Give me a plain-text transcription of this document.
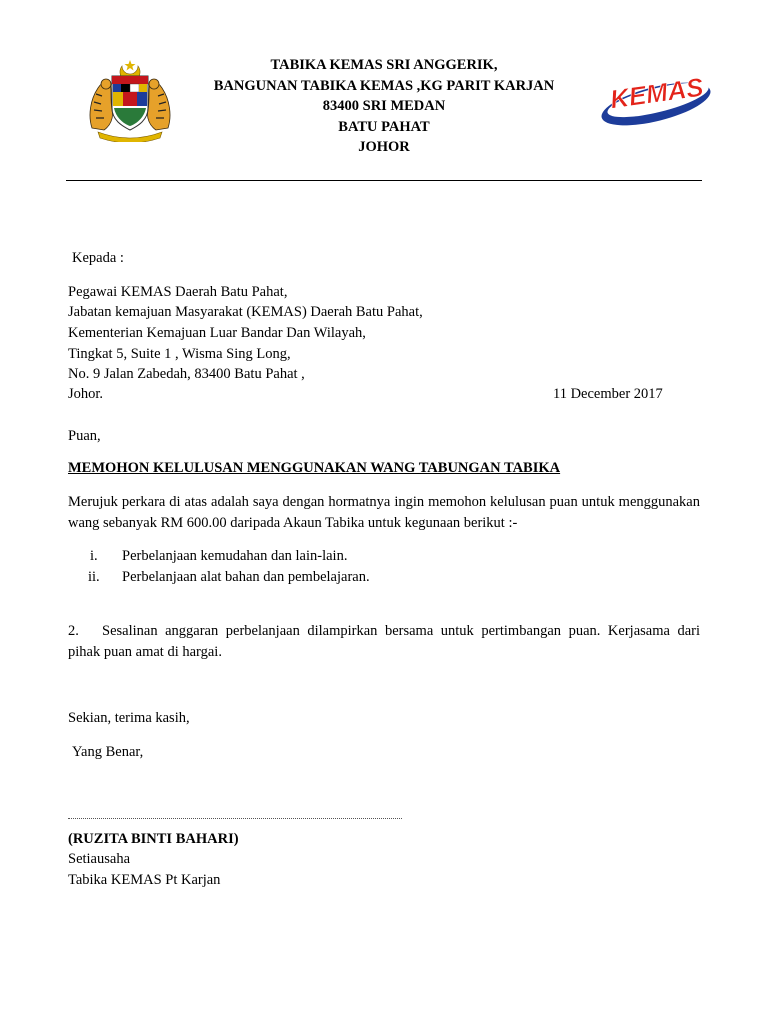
TABIKA KEMAS SRI ANGGERIK,
BANGUNAN TABIKA KEMAS ,KG PARIT KARJAN
83400 SRI MEDAN
BATU PAHAT
JOHOR
KEMAS
Kepada :
Pegawai KEMAS Daerah Batu Pahat,
Jabatan kemajuan Masyarakat (KEMAS) Daerah Batu Pahat,
Kementerian Kemajuan Luar Bandar Dan Wilayah,
Tingkat 5, Suite 1 , Wisma Sing Long,
No. 9 Jalan Zabedah, 83400 Batu Pahat ,
Johor.	11 December 2017
Puan,
MEMOHON KELULUSAN MENGGUNAKAN WANG TABUNGAN TABIKA
Merujuk perkara di atas adalah saya dengan hormatnya ingin memohon kelulusan puan untuk menggunakan wang sebanyak RM 600.00 daripada Akaun Tabika untuk kegunaan berikut :-
i.	Perbelanjaan kemudahan dan lain-lain.
ii.	Perbelanjaan alat bahan dan pembelajaran.
2. Sesalinan anggaran perbelanjaan dilampirkan bersama untuk pertimbangan puan. Kerjasama dari pihak puan amat di hargai.
Sekian, terima kasih,
Yang Benar,
(RUZITA BINTI BAHARI)
Setiausaha
Tabika KEMAS Pt Karjan
